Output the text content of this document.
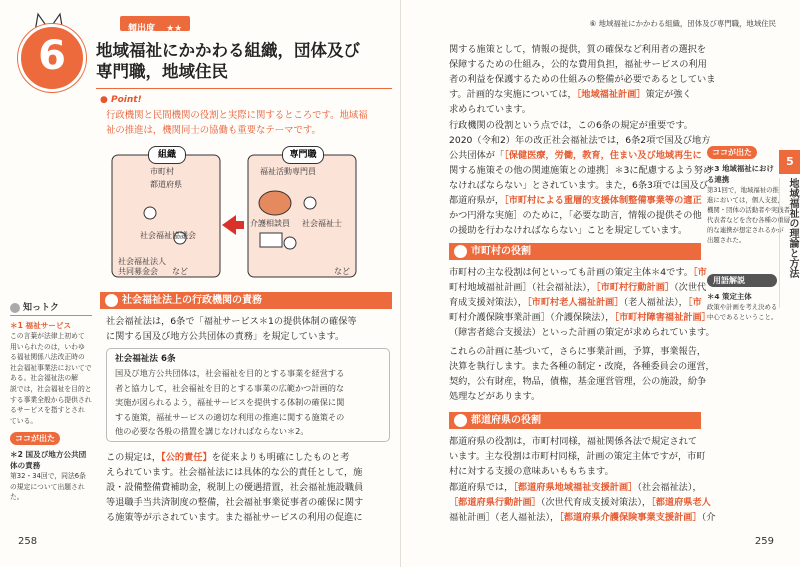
6
頻出度 ★★
地域福祉にかかわる組織，団体及び
専門職，地域住民
● Point!
行政機関と民間機関の役割と実際に関するところです。地域福
祉の推進は，機関同士の協働も重要なテーマです。
組織	専門職
市町村
都道府県
社会福祉協議会
社会福祉法人
共同募金会 など
福祉活動専門員
介護相談員 社会福祉士
など
知っトク
＊1 福祉サービス
この言葉が法律上初めて
用いられたのは，いわゆ
る福祉関係八法改正時の
社会福祉事業法においてで
ある。社会福祉法の解
説では，社会福祉を目的と
する事業全般から提供され
るサービスを指すとされ
ている。
ココが出た
＊2 国及び地方公共団体の責務
第32・34回で，同法6条
の規定について出題され
た。
社会福祉法上の行政機関の責務
社会福祉法は，6条で「福祉サービス＊1の提供体制の確保等
に関する国及び地方公共団体の責務」を規定しています。
社会福祉法 6条
国及び地方公共団体は，社会福祉を目的とする事業を経営する
者と協力して，社会福祉を目的とする事業の広範かつ計画的な
実施が図られるよう，福祉サービスを提供する体制の確保に関
する施策，福祉サービスの適切な利用の推進に関する施策その
他の必要な各般の措置を講じなければならない＊2。
この規定は，【公的責任】を従来よりも明確にしたものと考
えられています。社会福祉法には具体的な公的責任として，施
設・設備整備費補助金，税制上の優遇措置，社会福祉施設職員
等退職手当共済制度の整備，社会福祉事業従事者の確保に関す
る施策等が示されています。また福祉サービスの利用の促進に
258
⑥ 地域福祉にかかわる組織，団体及び専門職，地域住民
関する施策として，情報の提供，質の確保など利用者の選択を
保障するための仕組み，公的な費用負担，福祉サービスの利用
者の利益を保護するための仕組みの整備が必要であるとしていま
す。計画的な実施については，［地域福祉計画］策定が強く
求められています。
行政機関の役割という点では，この6条の規定が重要です。
2020（令和2）年の改正社会福祉法では，6条2項で国及び地方
公共団体が「［保健医療，労働，教育，住まい及び地域再生に
関する施策その他の関連施策との連携］＊3に配慮するよう努め
なければならない」とされています。また，6条3項では国及び
都道府県が，［市町村による重層的支援体制整備事業等の適正
かつ円滑な実施］のために，「必要な助言，情報の提供その他
の援助を行わなければならない」ことを規定しています。
市町村の役割
市町村の主な役割は何といっても計画の策定主体＊4です。［市
町村地域福祉計画］（社会福祉法），［市町村行動計画］（次世代
育成支援対策法），［市町村老人福祉計画］（老人福祉法），［市
町村介護保険事業計画］（介護保険法），［市町村障害福祉計画］
（障害者総合支援法）といった計画の策定が求められています。
これらの計画に基づいて，さらに事業計画，予算，事業報告，
決算を執行します。また各種の制定・改廃，各種委員会の運営，
契約，公有財産，物品，債権，基金運営管理，公の施設，紛争
処理などがあります。
都道府県の役割
都道府県の役割は，市町村同様，福祉関係各法で規定されて
います。主な役割は市町村同様，計画の策定主体ですが，市町
村に対する支援の意味あいももちます。
都道府県では，［都道府県地域福祉支援計画］（社会福祉法），
［都道府県行動計画］（次世代育成支援対策法），［都道府県老人
福祉計画］（老人福祉法），［都道府県介護保険事業支援計画］（介
ココが出た
＊3 地域福祉における連携
第31回で，地域福祉の推
進においては，個人支援，
機関・団体の活動者や実践者，
代表者などを含む各種の重層
的な連携が想定されるかが
出題された。
用語解説
＊4 策定主体
政策や計画を考え決める
中心であるということ。
5
地域福祉の理論と方法
259
